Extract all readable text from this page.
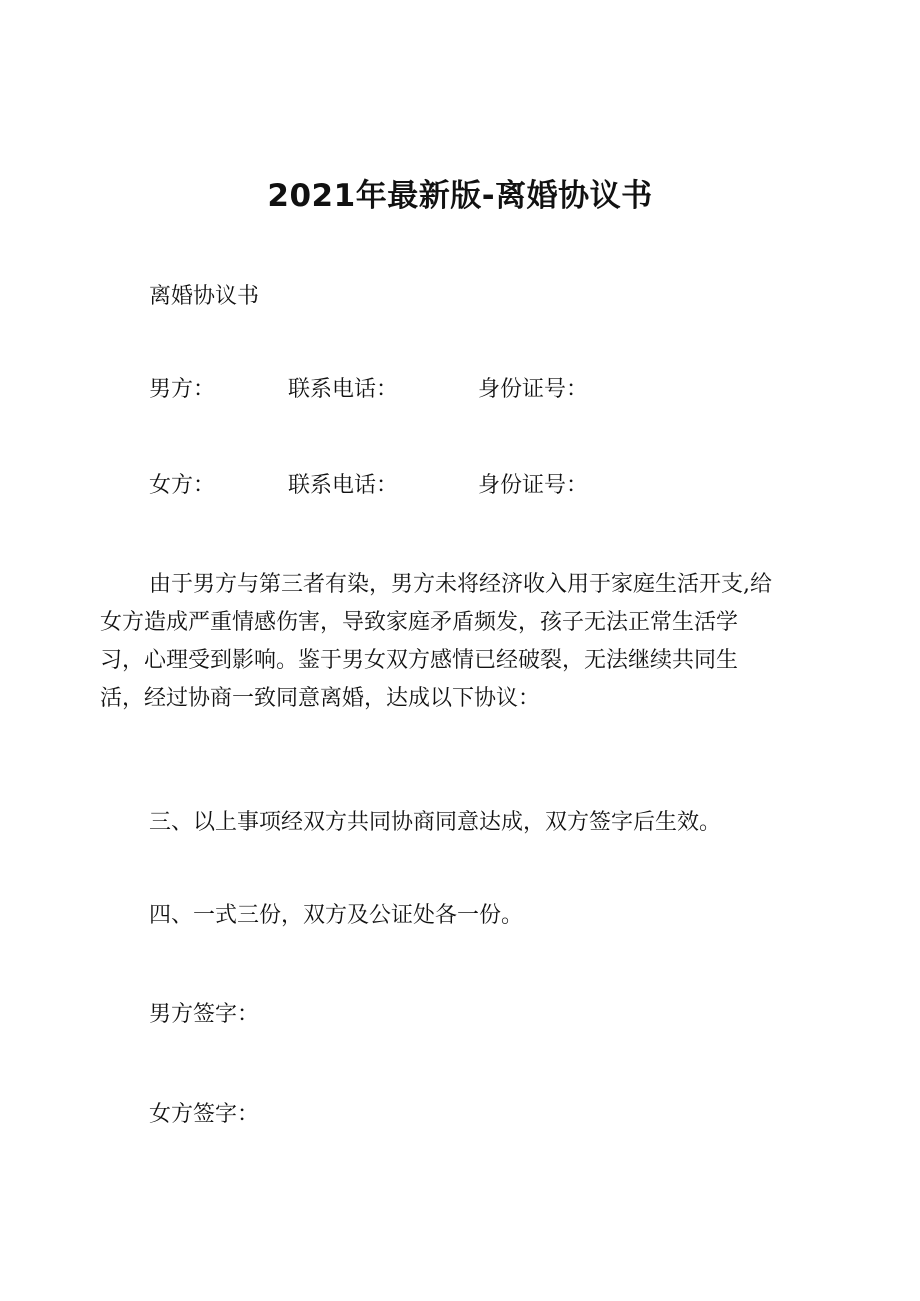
2021年最新版-离婚协议书
离婚协议书
男方：	联系电话：	身份证号：
女方：	联系电话：	身份证号：
由于男方与第三者有染，男方未将经济收入用于家庭生活开支,给
女方造成严重情感伤害，导致家庭矛盾频发，孩子无法正常生活学
习，心理受到影响。鉴于男女双方感情已经破裂，无法继续共同生
活，经过协商一致同意离婚，达成以下协议：
三、以上事项经双方共同协商同意达成，双方签字后生效。
四、一式三份，双方及公证处各一份。
男方签字：
女方签字：
